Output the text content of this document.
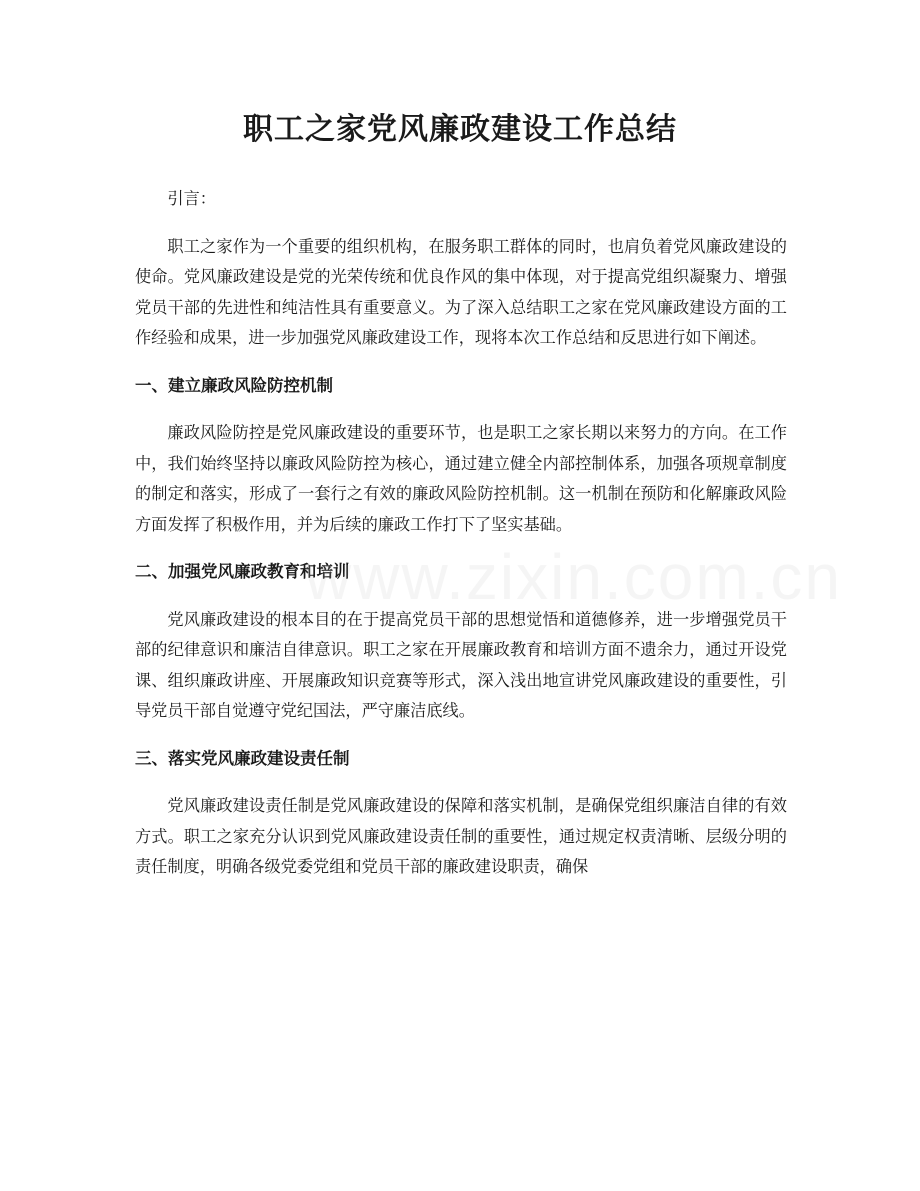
职工之家党风廉政建设工作总结

引言：

职工之家作为一个重要的组织机构，在服务职工群体的同时，也肩负着党风廉政建设的使命。党风廉政建设是党的光荣传统和优良作风的集中体现，对于提高党组织凝聚力、增强党员干部的先进性和纯洁性具有重要意义。为了深入总结职工之家在党风廉政建设方面的工作经验和成果，进一步加强党风廉政建设工作，现将本次工作总结和反思进行如下阐述。

一、建立廉政风险防控机制

廉政风险防控是党风廉政建设的重要环节，也是职工之家长期以来努力的方向。在工作中，我们始终坚持以廉政风险防控为核心，通过建立健全内部控制体系，加强各项规章制度的制定和落实，形成了一套行之有效的廉政风险防控机制。这一机制在预防和化解廉政风险方面发挥了积极作用，并为后续的廉政工作打下了坚实基础。

二、加强党风廉政教育和培训

党风廉政建设的根本目的在于提高党员干部的思想觉悟和道德修养，进一步增强党员干部的纪律意识和廉洁自律意识。职工之家在开展廉政教育和培训方面不遗余力，通过开设党课、组织廉政讲座、开展廉政知识竞赛等形式，深入浅出地宣讲党风廉政建设的重要性，引导党员干部自觉遵守党纪国法，严守廉洁底线。

三、落实党风廉政建设责任制

党风廉政建设责任制是党风廉政建设的保障和落实机制，是确保党组织廉洁自律的有效方式。职工之家充分认识到党风廉政建设责任制的重要性，通过规定权责清晰、层级分明的责任制度，明确各级党委党组和党员干部的廉政建设职责，确保

www.zixin.com.cn
